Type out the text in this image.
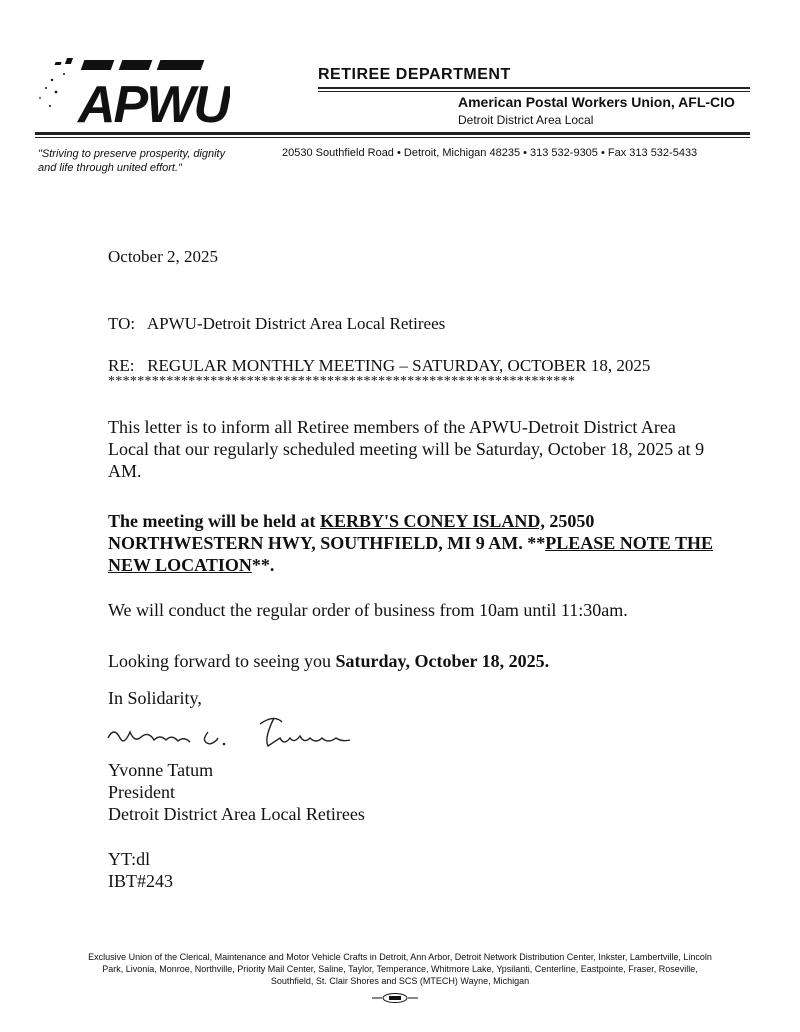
APWU
RETIREE DEPARTMENT
American Postal Workers Union, AFL-CIO
Detroit District Area Local
"Striving to preserve prosperity, dignity
and life through united effort."
20530 Southfield Road • Detroit, Michigan 48235 • 313 532-9305 • Fax 313 532-5433
October 2, 2025
TO:   APWU-Detroit District Area Local Retirees
RE:   REGULAR MONTHLY MEETING – SATURDAY, OCTOBER 18, 2025
****************************************************************
This letter is to inform all Retiree members of the APWU-Detroit District Area Local that our regularly scheduled meeting will be Saturday, October 18, 2025 at 9 AM.
The meeting will be held at KERBY'S CONEY ISLAND, 25050 NORTHWESTERN HWY, SOUTHFIELD, MI 9 AM. **PLEASE NOTE THE NEW LOCATION**.
We will conduct the regular order of business from 10am until 11:30am.
Looking forward to seeing you Saturday, October 18, 2025.
In Solidarity,
Yvonne Tatum
President
Detroit District Area Local Retirees
YT:dl
IBT#243
Exclusive Union of the Clerical, Maintenance and Motor Vehicle Crafts in Detroit, Ann Arbor, Detroit Network Distribution Center, Inkster, Lambertville, Lincoln Park, Livonia, Monroe, Northville, Priority Mail Center, Saline, Taylor, Temperance, Whitmore Lake, Ypsilanti, Centerline, Eastpointe, Fraser, Roseville, Southfield, St. Clair Shores and SCS (MTECH) Wayne, Michigan
